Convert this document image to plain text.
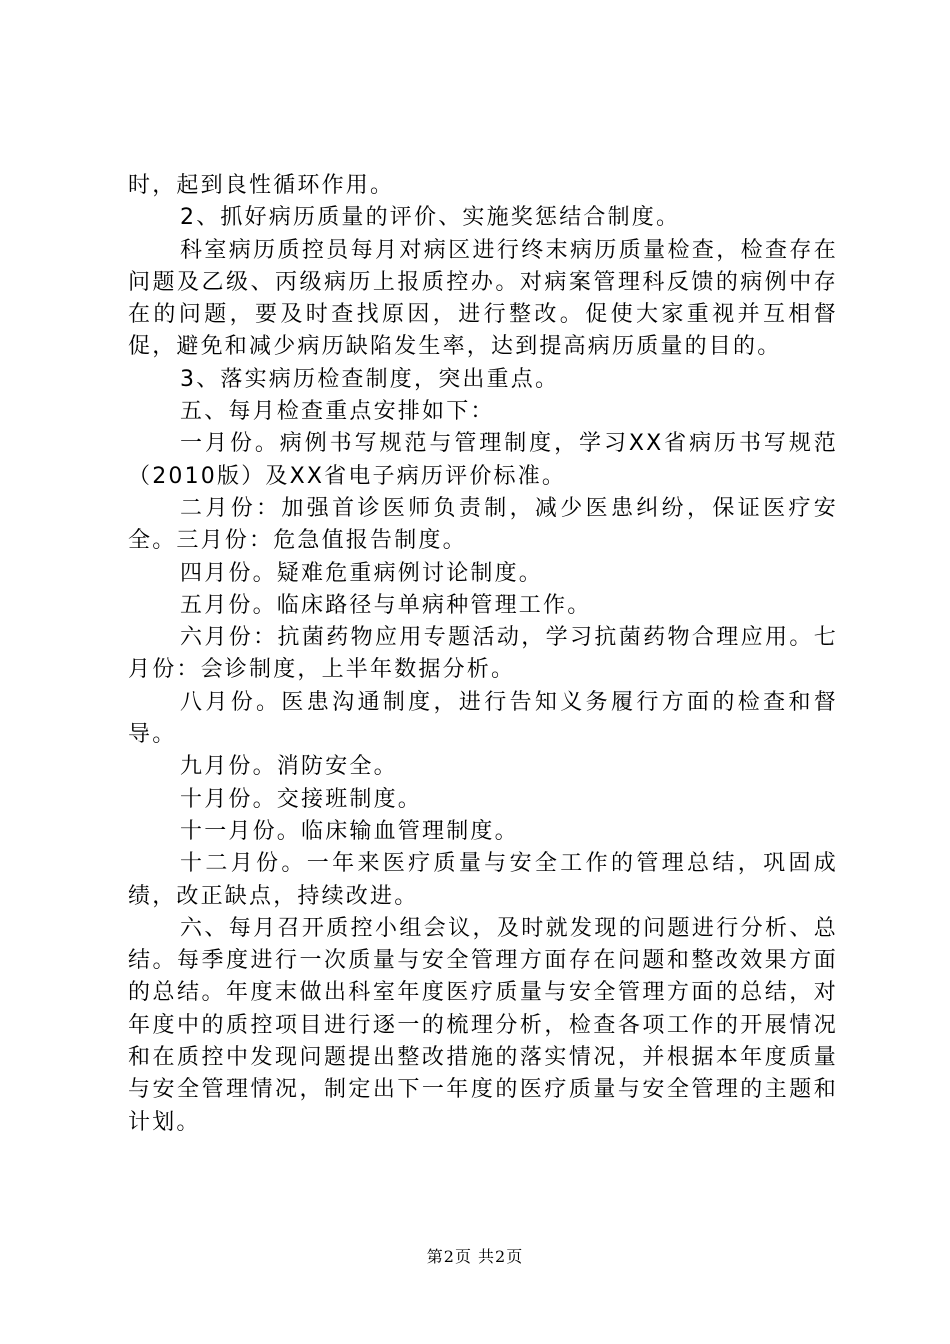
时，起到良性循环作用。

2、抓好病历质量的评价、实施奖惩结合制度。

科室病历质控员每月对病区进行终末病历质量检查，检查存在问题及乙级、丙级病历上报质控办。对病案管理科反馈的病例中存在的问题，要及时查找原因，进行整改。促使大家重视并互相督促，避免和减少病历缺陷发生率，达到提高病历质量的目的。

3、落实病历检查制度，突出重点。

五、每月检查重点安排如下：

一月份。病例书写规范与管理制度，学习XX省病历书写规范（2010版）及XX省电子病历评价标准。

二月份：加强首诊医师负责制，减少医患纠纷，保证医疗安全。三月份：危急值报告制度。

四月份。疑难危重病例讨论制度。

五月份。临床路径与单病种管理工作。

六月份：抗菌药物应用专题活动，学习抗菌药物合理应用。七月份：会诊制度，上半年数据分析。

八月份。医患沟通制度，进行告知义务履行方面的检查和督导。

九月份。消防安全。

十月份。交接班制度。

十一月份。临床输血管理制度。

十二月份。一年来医疗质量与安全工作的管理总结，巩固成绩，改正缺点，持续改进。

六、每月召开质控小组会议，及时就发现的问题进行分析、总结。每季度进行一次质量与安全管理方面存在问题和整改效果方面的总结。年度末做出科室年度医疗质量与安全管理方面的总结，对年度中的质控项目进行逐一的梳理分析，检查各项工作的开展情况和在质控中发现问题提出整改措施的落实情况，并根据本年度质量与安全管理情况，制定出下一年度的医疗质量与安全管理的主题和计划。

第2页 共2页
